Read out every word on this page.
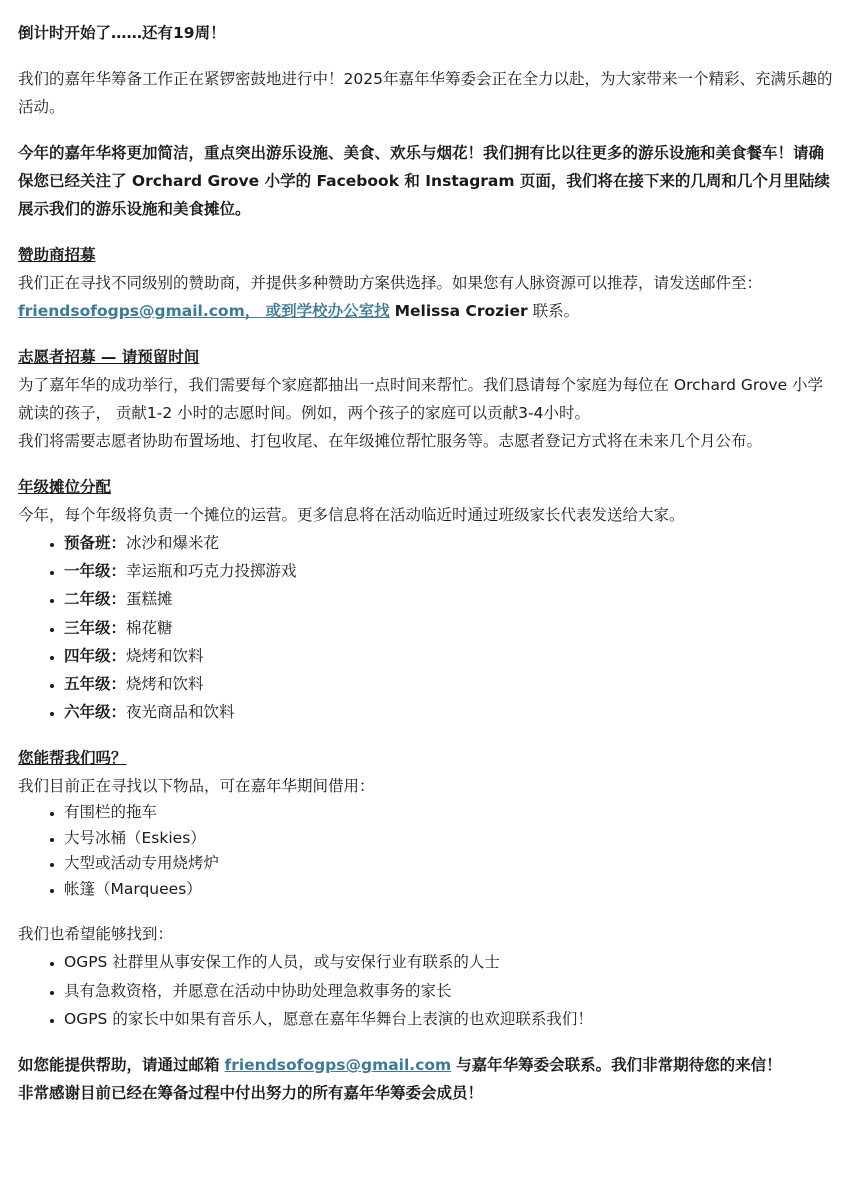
倒计时开始了……还有19周！

我们的嘉年华筹备工作正在紧锣密鼓地进行中！2025年嘉年华筹委会正在全力以赴，为大家带来一个精彩、充满乐趣的活动。

今年的嘉年华将更加简洁，重点突出游乐设施、美食、欢乐与烟花！我们拥有比以往更多的游乐设施和美食餐车！请确保您已经关注了 Orchard Grove 小学的 Facebook 和 Instagram 页面，我们将在接下来的几周和几个月里陆续展示我们的游乐设施和美食摊位。

赞助商招募

我们正在寻找不同级别的赞助商，并提供多种赞助方案供选择。如果您有人脉资源可以推荐，请发送邮件至：
friendsofogps@gmail.com， 或到学校办公室找 Melissa Crozier 联系。

志愿者招募 — 请预留时间

为了嘉年华的成功举行，我们需要每个家庭都抽出一点时间来帮忙。我们恳请每个家庭为每位在 Orchard Grove 小学就读的孩子， 贡献1-2 小时的志愿时间。例如，两个孩子的家庭可以贡献3-4小时。

我们将需要志愿者协助布置场地、打包收尾、在年级摊位帮忙服务等。志愿者登记方式将在未来几个月公布。

年级摊位分配

今年，每个年级将负责一个摊位的运营。更多信息将在活动临近时通过班级家长代表发送给大家。

• 预备班：冰沙和爆米花
• 一年级：幸运瓶和巧克力投掷游戏
• 二年级：蛋糕摊
• 三年级：棉花糖
• 四年级：烧烤和饮料
• 五年级：烧烤和饮料
• 六年级：夜光商品和饮料

您能帮我们吗？

我们目前正在寻找以下物品，可在嘉年华期间借用：

• 有围栏的拖车
• 大号冰桶（Eskies）
• 大型或活动专用烧烤炉
• 帐篷（Marquees）

我们也希望能够找到：

• OGPS 社群里从事安保工作的人员，或与安保行业有联系的人士
• 具有急救资格，并愿意在活动中协助处理急救事务的家长
• OGPS 的家长中如果有音乐人，愿意在嘉年华舞台上表演的也欢迎联系我们！

如您能提供帮助，请通过邮箱 friendsofogps@gmail.com 与嘉年华筹委会联系。我们非常期待您的来信！

非常感谢目前已经在筹备过程中付出努力的所有嘉年华筹委会成员！
